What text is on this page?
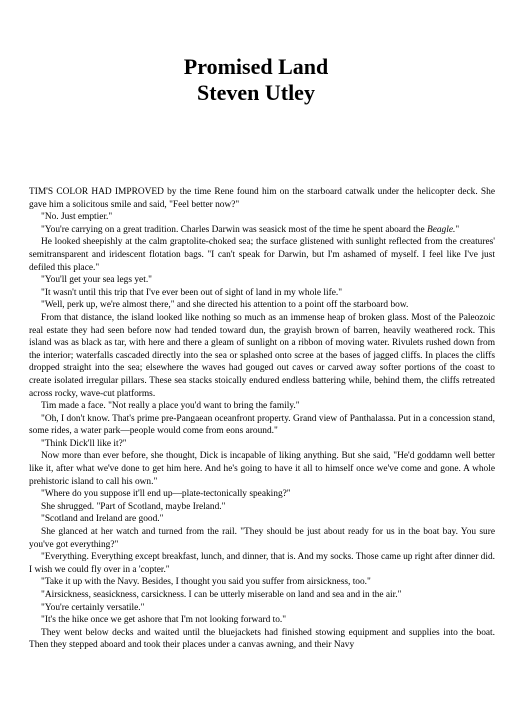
Promised Land
Steven Utley

TIM'S COLOR HAD IMPROVED by the time Rene found him on the starboard catwalk under the helicopter deck. She gave him a solicitous smile and said, "Feel better now?"

"No. Just emptier."

"You're carrying on a great tradition. Charles Darwin was seasick most of the time he spent aboard the Beagle."

He looked sheepishly at the calm graptolite-choked sea; the surface glistened with sunlight reflected from the creatures' semitransparent and iridescent flotation bags. "I can't speak for Darwin, but I'm ashamed of myself. I feel like I've just defiled this place."

"You'll get your sea legs yet."

"It wasn't until this trip that I've ever been out of sight of land in my whole life."

"Well, perk up, we're almost there," and she directed his attention to a point off the starboard bow.

From that distance, the island looked like nothing so much as an immense heap of broken glass. Most of the Paleozoic real estate they had seen before now had tended toward dun, the grayish brown of barren, heavily weathered rock. This island was as black as tar, with here and there a gleam of sunlight on a ribbon of moving water. Rivulets rushed down from the interior; waterfalls cascaded directly into the sea or splashed onto scree at the bases of jagged cliffs. In places the cliffs dropped straight into the sea; elsewhere the waves had gouged out caves or carved away softer portions of the coast to create isolated irregular pillars. These sea stacks stoically endured endless battering while, behind them, the cliffs retreated across rocky, wave-cut platforms.

Tim made a face. "Not really a place you'd want to bring the family."

"Oh, I don't know. That's prime pre-Pangaean oceanfront property. Grand view of Panthalassa. Put in a concession stand, some rides, a water park—people would come from eons around."

"Think Dick'll like it?"

Now more than ever before, she thought, Dick is incapable of liking anything. But she said, "He'd goddamn well better like it, after what we've done to get him here. And he's going to have it all to himself once we've come and gone. A whole prehistoric island to call his own."

"Where do you suppose it'll end up—plate-tectonically speaking?"

She shrugged. "Part of Scotland, maybe Ireland."

"Scotland and Ireland are good."

She glanced at her watch and turned from the rail. "They should be just about ready for us in the boat bay. You sure you've got everything?"

"Everything. Everything except breakfast, lunch, and dinner, that is. And my socks. Those came up right after dinner did. I wish we could fly over in a 'copter."

"Take it up with the Navy. Besides, I thought you said you suffer from airsickness, too."

"Airsickness, seasickness, carsickness. I can be utterly miserable on land and sea and in the air."

"You're certainly versatile."

"It's the hike once we get ashore that I'm not looking forward to."

They went below decks and waited until the bluejackets had finished stowing equipment and supplies into the boat. Then they stepped aboard and took their places under a canvas awning, and their Navy
